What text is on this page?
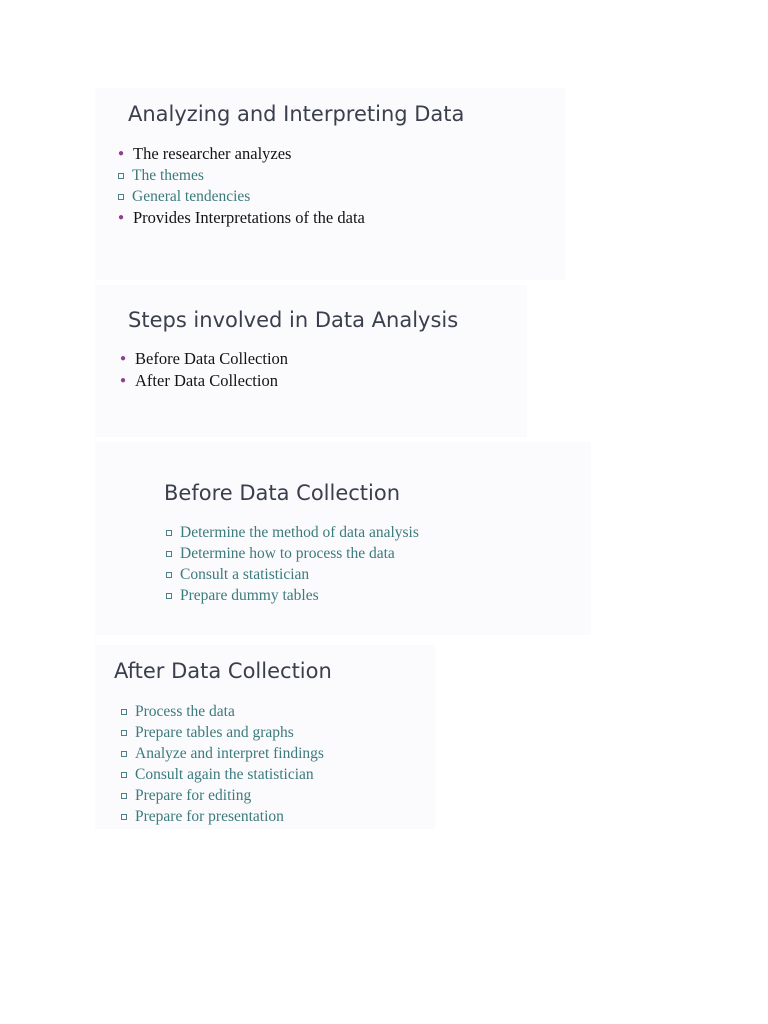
Analyzing and Interpreting Data
● The researcher analyzes
The themes
General tendencies
● Provides Interpretations of the data
Steps involved in Data Analysis
● Before Data Collection
● After Data Collection
Before Data Collection
Determine the method of data analysis
Determine how to process the data
Consult a statistician
Prepare dummy tables
After Data Collection
Process the data
Prepare tables and graphs
Analyze and interpret findings
Consult again the statistician
Prepare for editing
Prepare for presentation
